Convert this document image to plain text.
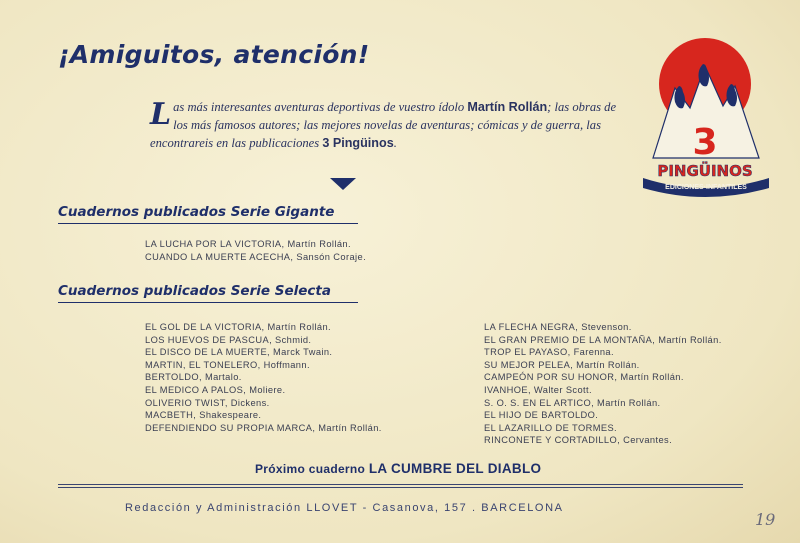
¡Amiguitos, atención!
Las más interesantes aventuras deportivas de vuestro ídolo Martín Rollán; las obras de los más famosos autores; las mejores novelas de aventuras; cómicas y de guerra, las encontrareis en las publicaciones 3 Pingüinos.	3
PINGÜINOS
EDICIONES·INFANTILES
Cuadernos publicados Serie Gigante
LA LUCHA POR LA VICTORIA, Martín Rollán.
CUANDO LA MUERTE ACECHA, Sansón Coraje.
Cuadernos publicados Serie Selecta
EL GOL DE LA VICTORIA, Martín Rollán.
LOS HUEVOS DE PASCUA, Schmid.
EL DISCO DE LA MUERTE, Marck Twain.
MARTIN, EL TONELERO, Hoffmann.
BERTOLDO, Martalo.
EL MEDICO A PALOS, Moliere.
OLIVERIO TWIST, Dickens.
MACBETH, Shakespeare.
DEFENDIENDO SU PROPIA MARCA, Martín Rollán.
LA FLECHA NEGRA, Stevenson.
EL GRAN PREMIO DE LA MONTAÑA, Martín Rollán.
TROP EL PAYASO, Farenna.
SU MEJOR PELEA, Martín Rollán.
CAMPEÓN POR SU HONOR, Martín Rollán.
IVANHOE, Walter Scott.
S. O. S. EN EL ARTICO, Martín Rollán.
EL HIJO DE BARTOLDO.
EL LAZARILLO DE TORMES.
RINCONETE Y CORTADILLO, Cervantes.
Próximo cuaderno LA CUMBRE DEL DIABLO
Redacción y Administración LLOVET - Casanova, 157 . BARCELONA
19
